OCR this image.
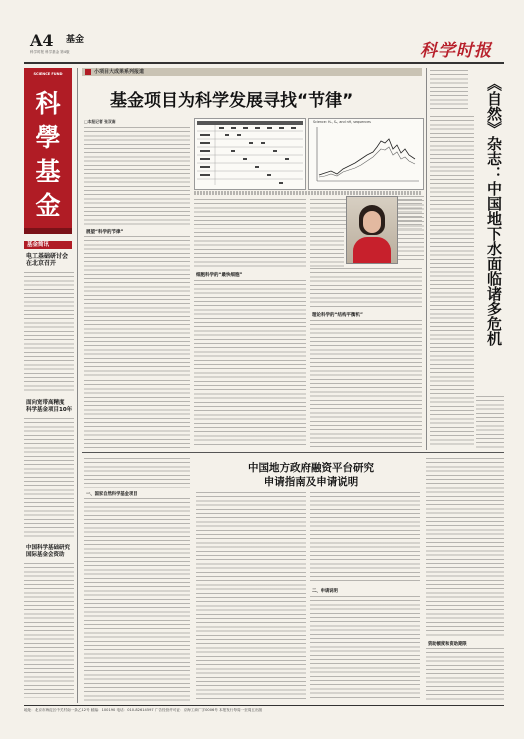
A4 基金
科学时报 科学基金 第4版	科学时报
SCIENCE FUND
科
學
基
金
基金简讯
电工基础研讨会
在北京召开
面向宽带高精度
科学基金项目10年
中国科学基础研究
国际基金会资助
小项目大成果系列报道
基金项目为科学发展寻找“节律”
□本报记者 张双南	Science: Hₙ, Sₙ, and nH, sequences
展望“科学的节律”
细胞科学的“最快细胞”
理论科学的“结构平衡机”	《自然》杂志：中国地下水面临诸多危机
一、国家自然科学基金项目
中国地方政府融资平台研究
申请指南及申请说明
二、申请说明
资助额度和资助期限
地址：北京市海淀区中关村南一条乙12号 邮编：100190 电话：010-82614597 广告经营许可证：京海工商广字0006号 本报发行每周一至周五出版
